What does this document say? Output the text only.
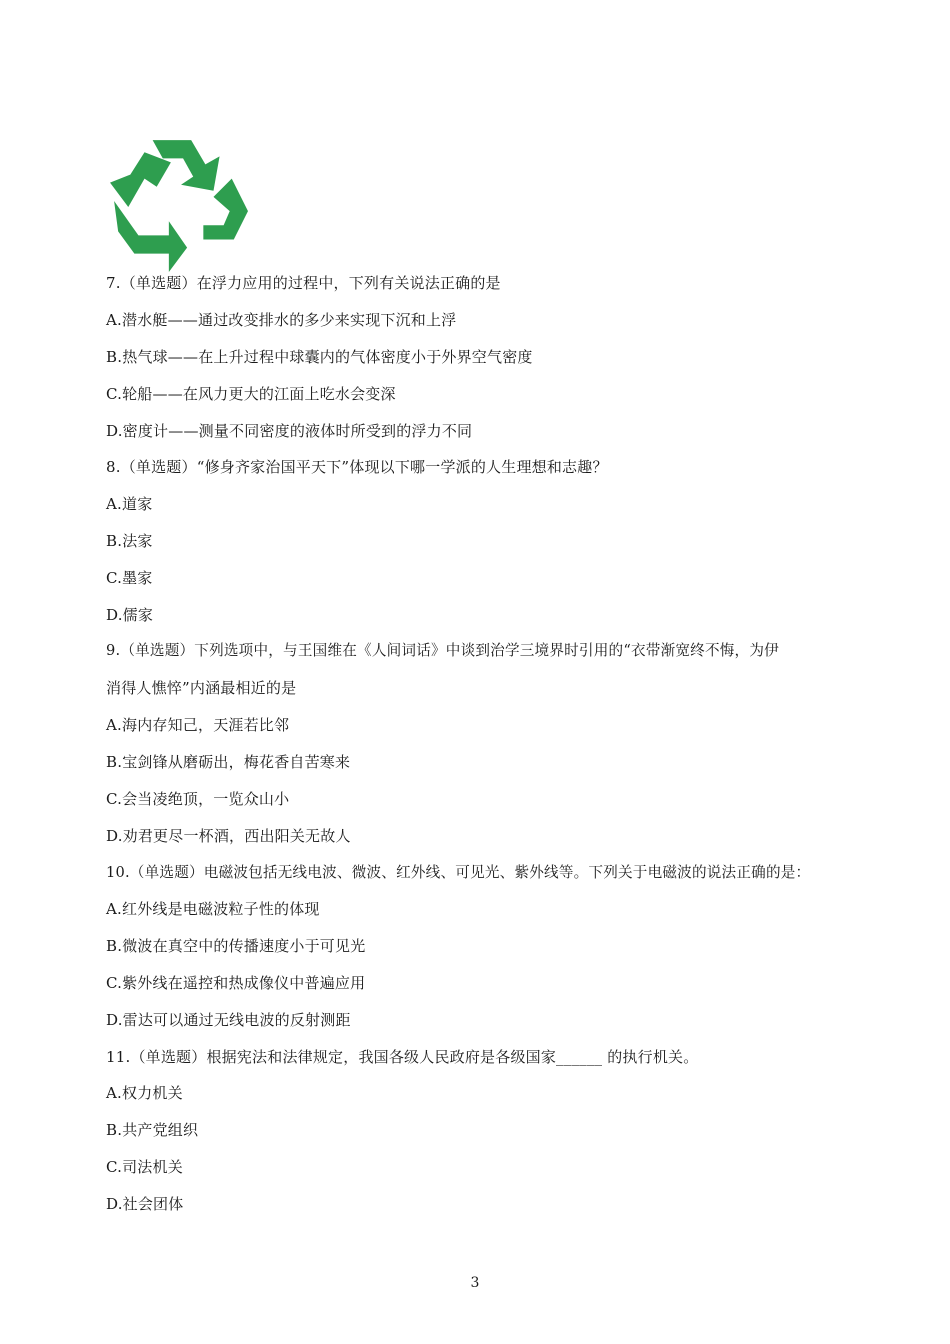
7.（单选题）在浮力应用的过程中，下列有关说法正确的是
A.潜水艇——通过改变排水的多少来实现下沉和上浮
B.热气球——在上升过程中球囊内的气体密度小于外界空气密度
C.轮船——在风力更大的江面上吃水会变深
D.密度计——测量不同密度的液体时所受到的浮力不同
8.（单选题）“修身齐家治国平天下”体现以下哪一学派的人生理想和志趣？
A.道家
B.法家
C.墨家
D.儒家
9.（单选题）下列选项中，与王国维在《人间词话》中谈到治学三境界时引用的“衣带渐宽终不悔，为伊
消得人憔悴”内涵最相近的是
A.海内存知己，天涯若比邻
B.宝剑锋从磨砺出，梅花香自苦寒来
C.会当凌绝顶，一览众山小
D.劝君更尽一杯酒，西出阳关无故人
10.（单选题）电磁波包括无线电波、微波、红外线、可见光、紫外线等。下列关于电磁波的说法正确的是：
A.红外线是电磁波粒子性的体现
B.微波在真空中的传播速度小于可见光
C.紫外线在遥控和热成像仪中普遍应用
D.雷达可以通过无线电波的反射测距
11.（单选题）根据宪法和法律规定，我国各级人民政府是各级国家______ 的执行机关。
A.权力机关
B.共产党组织
C.司法机关
D.社会团体
3
